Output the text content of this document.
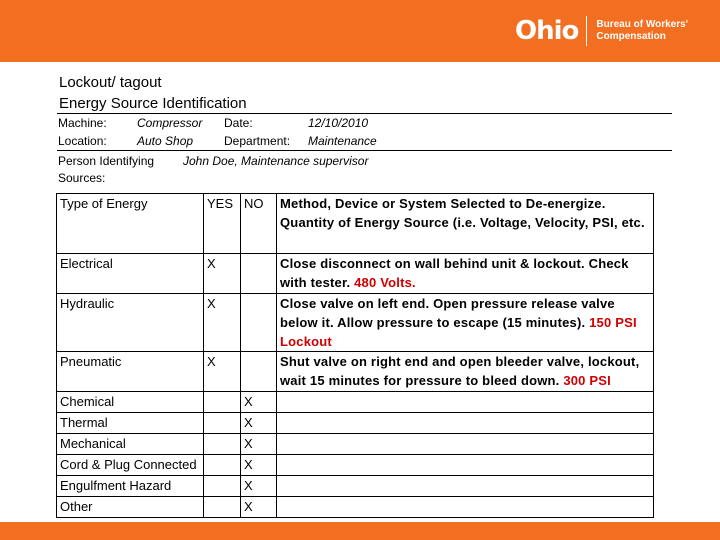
Ohio Bureau of Workers'
Compensation
Lockout/ tagout
Energy Source Identification
Machine:	Compressor Date:	12/10/2010
Location:	Auto Shop	Department: Maintenance
Person Identifying
Sources:
John Doe, Maintenance supervisor
Type of Energy	YES	NO	Method, Device or System Selected to De-energize. Quantity of Energy Source (i.e. Voltage, Velocity, PSI, etc.
Electrical	X		Close disconnect on wall behind unit & lockout. Check with tester. 480 Volts.
Hydraulic	X		Close valve on left end. Open pressure release valve below it. Allow pressure to escape (15 minutes). 150 PSI Lockout
Pneumatic	X		Shut valve on right end and open bleeder valve, lockout, wait 15 minutes for pressure to bleed down. 300 PSI
Chemical		X	
Thermal		X	
Mechanical		X	
Cord & Plug Connected		X	
Engulfment Hazard		X	
Other		X	
